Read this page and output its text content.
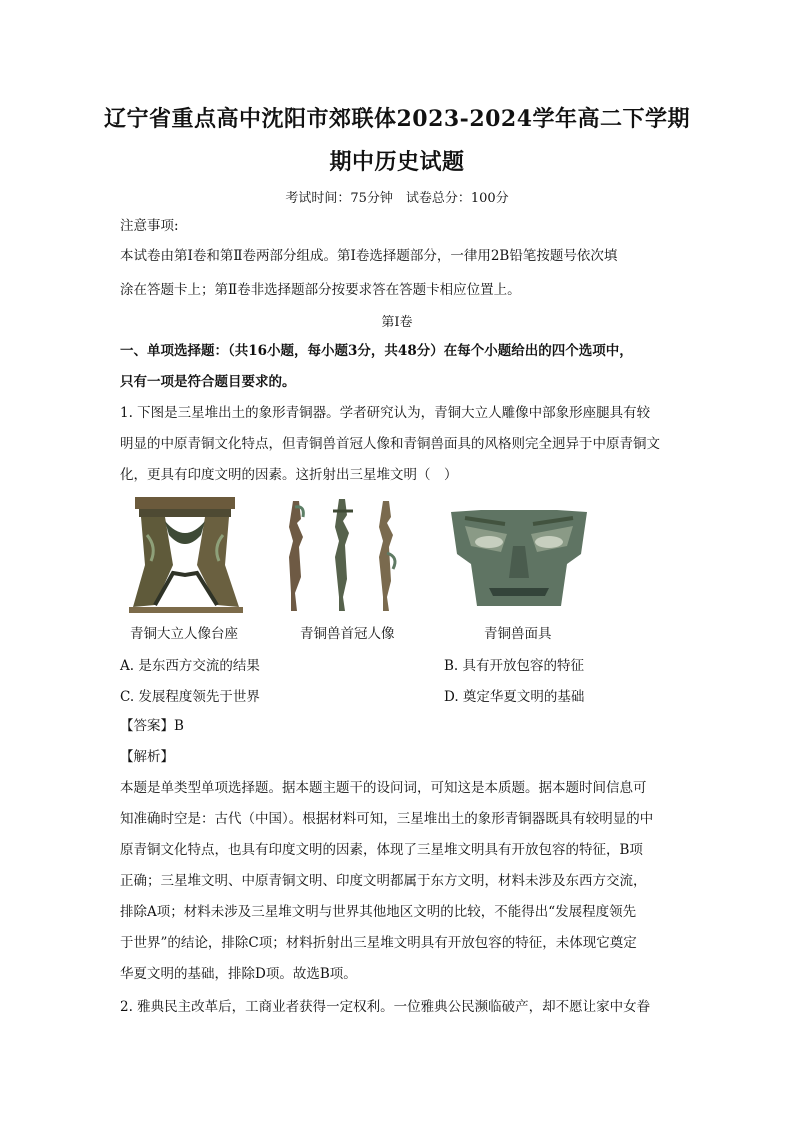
辽宁省重点高中沈阳市郊联体2023-2024学年高二下学期
期中历史试题
考试时间：75分钟　试卷总分：100分
注意事项:
本试卷由第Ⅰ卷和第Ⅱ卷两部分组成。第Ⅰ卷选择题部分，一律用2B铅笔按题号依次填
涂在答题卡上；第Ⅱ卷非选择题部分按要求答在答题卡相应位置上。
第Ⅰ卷
一、单项选择题：（共16小题，每小题3分，共48分）在每个小题给出的四个选项中，
只有一项是符合题目要求的。
1. 下图是三星堆出土的象形青铜器。学者研究认为，青铜大立人雕像中部象形座腿具有较
明显的中原青铜文化特点，但青铜兽首冠人像和青铜兽面具的风格则完全迥异于中原青铜文
化，更具有印度文明的因素。这折射出三星堆文明（　）
青铜大立人像台座	青铜兽首冠人像	青铜兽面具
A. 是东西方交流的结果	B. 具有开放包容的特征
C. 发展程度领先于世界	D. 奠定华夏文明的基础
【答案】B
【解析】
本题是单类型单项选择题。据本题主题干的设问词，可知这是本质题。据本题时间信息可
知准确时空是：古代（中国）。根据材料可知，三星堆出土的象形青铜器既具有较明显的中
原青铜文化特点，也具有印度文明的因素，体现了三星堆文明具有开放包容的特征，B项
正确；三星堆文明、中原青铜文明、印度文明都属于东方文明，材料未涉及东西方交流，
排除A项；材料未涉及三星堆文明与世界其他地区文明的比较，不能得出“发展程度领先
于世界”的结论，排除C项；材料折射出三星堆文明具有开放包容的特征，未体现它奠定
华夏文明的基础，排除D项。故选B项。
2. 雅典民主改革后，工商业者获得一定权利。一位雅典公民濒临破产，却不愿让家中女眷
